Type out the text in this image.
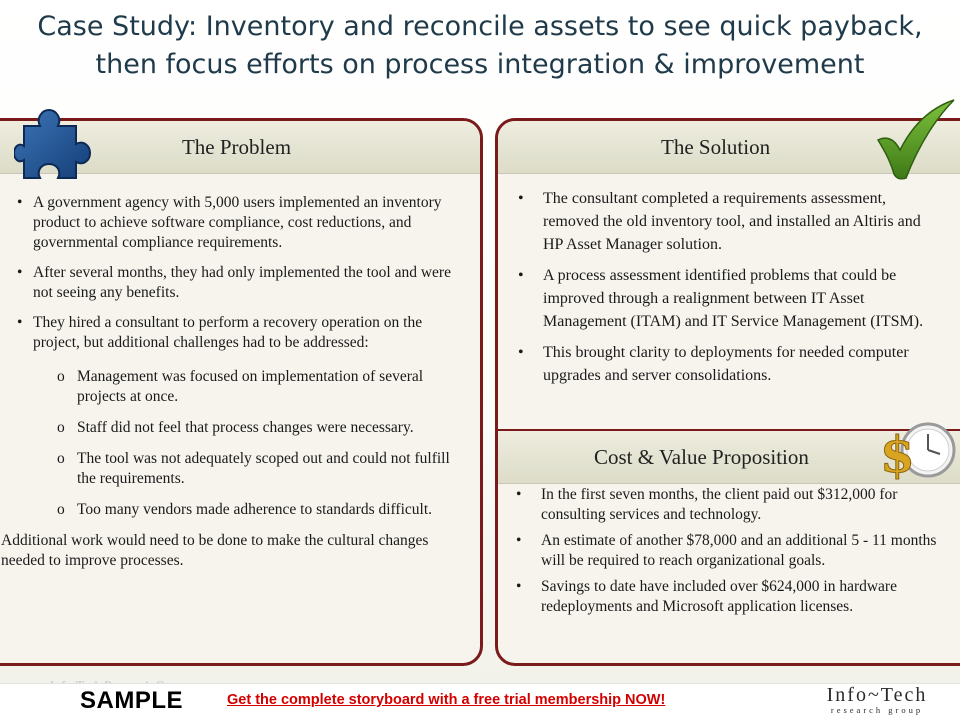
Case Study: Inventory and reconcile assets to see quick payback,
then focus efforts on process integration & improvement
The Problem
• A government agency with 5,000 users implemented an inventory product to achieve software compliance, cost reductions, and governmental compliance requirements.
• After several months, they had only implemented the tool and were not seeing any benefits.
• They hired a consultant to perform a recovery operation on the project, but additional challenges had to be addressed:
o Management was focused on implementation of several projects at once.
o Staff did not feel that process changes were necessary.
o The tool was not adequately scoped out and could not fulfill the requirements.
o Too many vendors made adherence to standards difficult.
Additional work would need to be done to make the cultural changes needed to improve processes.
The Solution
• The consultant completed a requirements assessment, removed the old inventory tool, and installed an Altiris and HP Asset Manager solution.
• A process assessment identified problems that could be improved through a realignment between IT Asset Management (ITAM) and IT Service Management (ITSM).
• This brought clarity to deployments for needed computer upgrades and server consolidations.
Cost & Value Proposition
• In the first seven months, the client paid out $312,000 for consulting services and technology.
• An estimate of another $78,000 and an additional 5 - 11 months will be required to reach organizational goals.
• Savings to date have included over $624,000 in hardware redeployments and Microsoft application licenses.
$
SAMPLE	Get the complete storyboard with a free trial membership NOW!	Info~Tech
research group
